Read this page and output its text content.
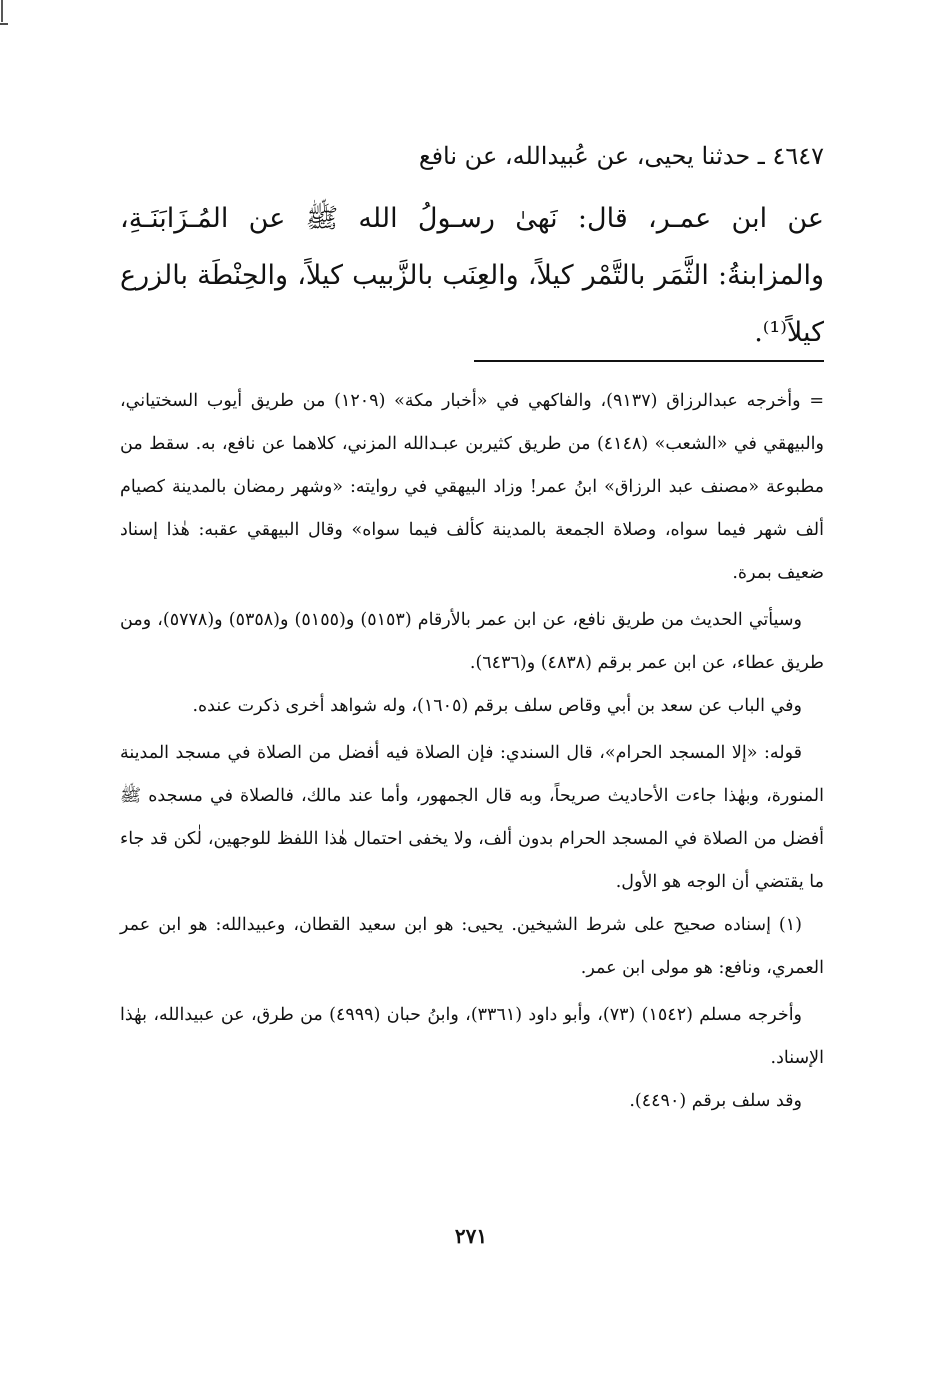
٤٦٤٧ ـ حدثنا يحيى، عن عُبيدالله، عن نافع
عن ابن عمـر، قال: نَهىٰ رسـولُ الله ﷺ عن المُـزَابَنَـةِ، والمزابنةُ: الثَّمَر بالتَّمْر كيلاً، والعِنَب بالزَّبيب كيلاً، والحِنْطَة بالزرع كيلاً⁽¹⁾.

= وأخرجه عبدالرزاق (٩١٣٧)، والفاكهي في «أخبار مكة» (١٢٠٩) من طريق أيوب السختياني، والبيهقي في «الشعب» (٤١٤٨) من طريق كثيربن عبـدالله المزني، كلاهما عن نافع، به. سقط من مطبوعة «مصنف عبد الرزاق» ابنُ عمر! وزاد البيهقي في روايته: «وشهر رمضان بالمدينة كصيام ألف شهر فيما سواه، وصلاة الجمعة بالمدينة كألف فيما سواه» وقال البيهقي عقبه: هٰذا إسناد ضعيف بمرة.

وسيأتي الحديث من طريق نافع، عن ابن عمر بالأرقام (٥١٥٣) و(٥١٥٥) و(٥٣٥٨) و(٥٧٧٨)، ومن طريق عطاء، عن ابن عمر برقم (٤٨٣٨) و(٦٤٣٦).

وفي الباب عن سعد بن أبي وقاص سلف برقم (١٦٠٥)، وله شواهد أخرى ذكرت عنده.

قوله: «إلا المسجد الحرام»، قال السندي: فإن الصلاة فيه أفضل من الصلاة في مسجد المدينة المنورة، وبهٰذا جاءت الأحاديث صريحاً، وبه قال الجمهور، وأما عند مالك، فالصلاة في مسجده ﷺ أفضل من الصلاة في المسجد الحرام بدون ألف، ولا يخفى احتمال هٰذا اللفظ للوجهين، لٰكن قد جاء ما يقتضي أن الوجه هو الأول.

(١) إسناده صحيح على شرط الشيخين. يحيى: هو ابن سعيد القطان، وعبيدالله: هو ابن عمر العمري، ونافع: هو مولى ابن عمر.

وأخرجه مسلم (١٥٤٢) (٧٣)، وأبو داود (٣٣٦١)، وابنُ حبان (٤٩٩٩) من طرق، عن عبيدالله، بهٰذا الإسناد.

وقد سلف برقم (٤٤٩٠).

٢٧١
